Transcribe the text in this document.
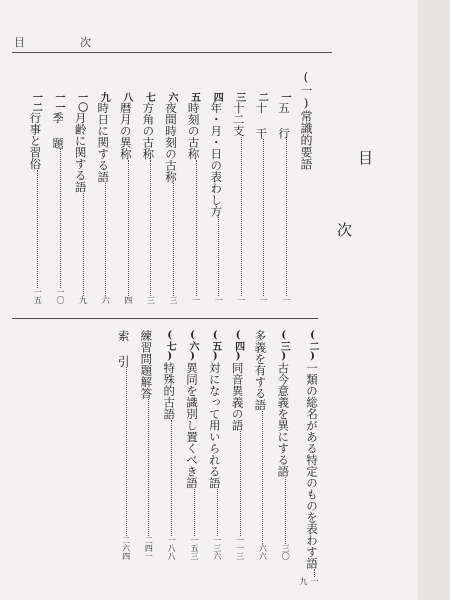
目	次
目
次
(一)常識的要語
一
五 行
一
二
十 干
一
三
十二支
一
四
年・月・日の表わし方
一
五
時刻の古称
一
六
夜間時刻の古称
三
七
方角の古称
三
八
暦月の異称
四
九
時日に関する語
六
一〇
月齢に関する語
九
一一
季 題
一〇
一二
行事と習俗
一五
(二)
一類の総名がある特定のものを表わす語
一九
(三)
古今意義を異にする語
三〇
多義を有する語
六六
(四)
同音異義の語
一一三
(五)
対になって用いられる語
一三六
(六)
異同を識別し置くべき語
一五三
(七)
特殊的古語
一八八
練習問題解答
二四一
索 引
二六四
